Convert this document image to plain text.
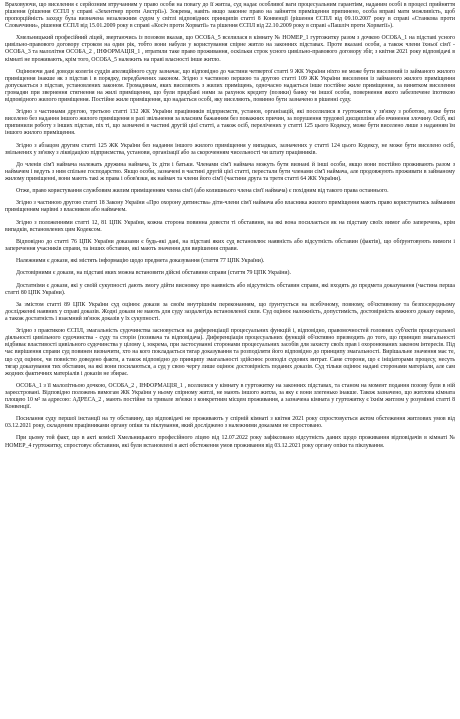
Враховуючи, що виселення є серйозним втручанням у право особи на повагу до її житла, суд надає особливої ваги процесуальним гарантіям, наданим особі в процесі прийняття рішення (рішення ЄСПЛ у справі «Зехентнер проти Австрії»). Зокрема, навіть якщо законне право на зайняття приміщення припинено, особа вправі мати можливість, щоб пропорційність заходу була визначена незалежним судом у світлі відповідних принципів статті 8 Конвенції (рішення ЄСПЛ від 09.10.2007 року в справі «Станкова проти Словаччини», рішення ЄСПЛ від 15.01.2009 року в справі «Косіч проти Хорватії» та рішення ЄСПЛ від 22.10.2009 року в справі «Пашліч проти Хорватії»).

Хмельницький професійний ліцей, звертаючись із позовом вказав, що ОСОБА_5 вселилася в кімнату № НОМЕР_1 гуртожитку разом з дочкою ОСОБА_1 на підставі усного цивільно-правового договору строком на один рік, тобто вони набули у користування спірне житло на законних підставах. Проте вказані особи, а також члени їхньої сім'ї - ОСОБА_3 та малолітня ОСОБА_2 , ІНФОРМАЦІЯ_1 , втратили таке право проживання, оскільки строк усного цивільно-правового договору збіг, з квітня 2021 року відповідачі в кімнаті не проживають, крім того, ОСОБА_5 належить на праві власності інше житло.

Оцінюючи дані доводи колегія суддів апеляційного суду зазначає, що відповідно до частини четвертої статті 9 ЖК України ніхто не може бути виселений із займаного жилого приміщення інакше як з підстав і в порядку, передбачених законом. Згідно з частиною першою та другою статті 109 ЖК України виселення із займаного жилого приміщення допускається з підстав, установлених законом. Громадянам, яких виселяють з жилих приміщень, одночасно надається інше постійне жиле приміщення, за винятком виселення громадян при звернення стягнення на жилі приміщення, що були придбані ними за рахунок кредиту (позики) банку чи іншої особи, повернення якого забезпечене іпотекою відповідного жилого приміщення. Постійне жиле приміщення, що надається особі, яку виселяють, повинно бути зазначено в рішенні суду.

Згідно з частинами другою, третьою статті 132 ЖК України працівників підприємств, установ, організацій, які поселилися в гуртожиток у зв'язку з роботою, може бути виселено без надання іншого жилого приміщення в разі звільнення за власним бажанням без поважних причин, за порушення трудової дисципліни або вчинення злочину. Осіб, які припинили роботу з інших підстав, піх ті, що зазначені в частині другій цієї статті, а також осіб, перелічених у статті 125 цього Кодексу, може бути виселено лише з наданням їм іншого жилого приміщення.

Згідно з абзацом другим статті 125 ЖК України без надання іншого жилого приміщення у випадках, зазначених у статті 124 цього Кодексу, не може бути виселено осіб, звільнених у зв'язку з ліквідацією підприємства, установи, організації або за скороченням чисельності чи штату працівників.

До членів сім'ї наймача належать дружина наймача, їх діти і батьки. Членами сім'ї наймача можуть бути визнані й інші особи, якщо вони постійно проживають разом з наймачем і ведуть з ним спільне господарство. Якщо особи, зазначені в частині другій цієї статті, перестали бути членами сім'ї наймача, але продовжують проживати в займаному жилому приміщенні, вони мають такі ж права і обов'язки, як наймач та члени його сім'ї (частини друга та третя статті 64 ЖК України).

Отже, право користування службовим жилим приміщенням члена сім'ї (або колишнього члена сім'ї наймача) є похідним від такого права останнього.

Згідно з частиною другою статті 18 Закону України «Про охорону дитинства» діти-члени сім'ї наймача або власника жилого приміщення мають право користуватись займаним приміщенням нарівні з власником або наймачем.

Згідно з положеннями статті 12, 81 ЦПК України, кожна сторона повинна довести ті обставини, на які вона посилається як на підставу своїх вимог або заперечень, крім випадків, встановлених цим Кодексом.

Відповідно до статті 76 ЦПК України доказами є будь-які дані, на підставі яких суд встановлює наявність або відсутність обставин (фактів), що обґрунтовують вимоги і заперечення учасників справи, та інших обставин, які мають значення для вирішення справи.

Належними є докази, які містять інформацію щодо предмета доказування (стаття 77 ЦПК України).

Достовірними є докази, на підставі яких можна встановити дійсні обставини справи (стаття 79 ЦПК України).

Достатніми є докази, які у своїй сукупності дають змогу дійти висновку про наявність або відсутність обставин справи, які входять до предмета доказування (частина перша статті 80 ЦПК України).

За змістом статті 89 ЦПК України суд оцінює докази за своїм внутрішнім переконанням, що ґрунтується на всебічному, повному, об'єктивному та безпосередньому дослідженні наявних у справі доказів. Жодні докази не мають для суду заздалегідь встановленої сили. Суд оцінює належність, допустимість, достовірність кожного доказу окремо, а також достатність і взаємний зв'язок доказів у їх сукупності.

Згідно з практикою ЄСПЛ, змагальність судочинства засновується на диференціації процесуальних функцій і, відповідно, правомочностей головних суб'єктів процесуальної діяльності цивільного судочинства - суду та сторін (позивача та відповідача). Диференціація процесуальних функцій об'єктивно призводить до того, що принцип змагальності відбиває властивості цивільного судочинства у цілому і, зокрема, при застосуванні сторонами процесуальних засобів для захисту своїх прав і охоронюваних законом інтересів. Під час вирішення справи суд повинен визначити, хто на кого покладається тягар доказування та розподіляти його відповідно до принципу змагальності. Вирішальне значення має те, що суд оцінює, чи повністю доведено факти, а також відповідно до принципу змагальності здійснює розподіл судових витрат. Саме сторони, що є ініціаторами процесу, несуть тягар доказування тих обставин, на які вони посилаються, а суд у свою чергу лише оцінює достовірність поданих доказів. Суд тільки оцінює надані сторонами матеріали, але сам жодних фактичних матеріалів і доказів не збирає.

ОСОБА_1 з її малолітньою дочкою, ОСОБА_2 , ІНФОРМАЦІЯ_1 , вселилися у кімнату в гуртожитку на законних підставах, та станом на момент подання позову були в ній зареєстровані. Відповідно положень вимогам ЖК України у ньому спірному житлі, не мають іншого житла, за яку є вони злегенько інакше. Також зазначено, що житлова кімната площею 10 м² за адресою: АДРЕСА_2 , мають постійне та тривале зв'язки з конкретним місцем проживання, а зазначена кімната у гуртожитку є їхнім житлом у розумінні статті 8 Конвенції.

Посилання суду першої інстанції на ту обставину, що відповідачі не проживають у спірній кімнаті з квітня 2021 року спростовується актом обстеження житлових умов від 03.12.2021 року, складеним працівниками органу опіки та піклування, який досліджено з належними доказами не спростовано.

При цьому той факт, що в акті комісії Хмельницького професійного ліцею від 12.07.2022 року зафіксовано відсутність даних щодо проживання відповідачів в кімнаті № НОМЕР_4 гуртожитку, спростовує обставини, які були встановлені в акті обстеження умов проживання від 03.12.2021 року органу опіки та піклування.
